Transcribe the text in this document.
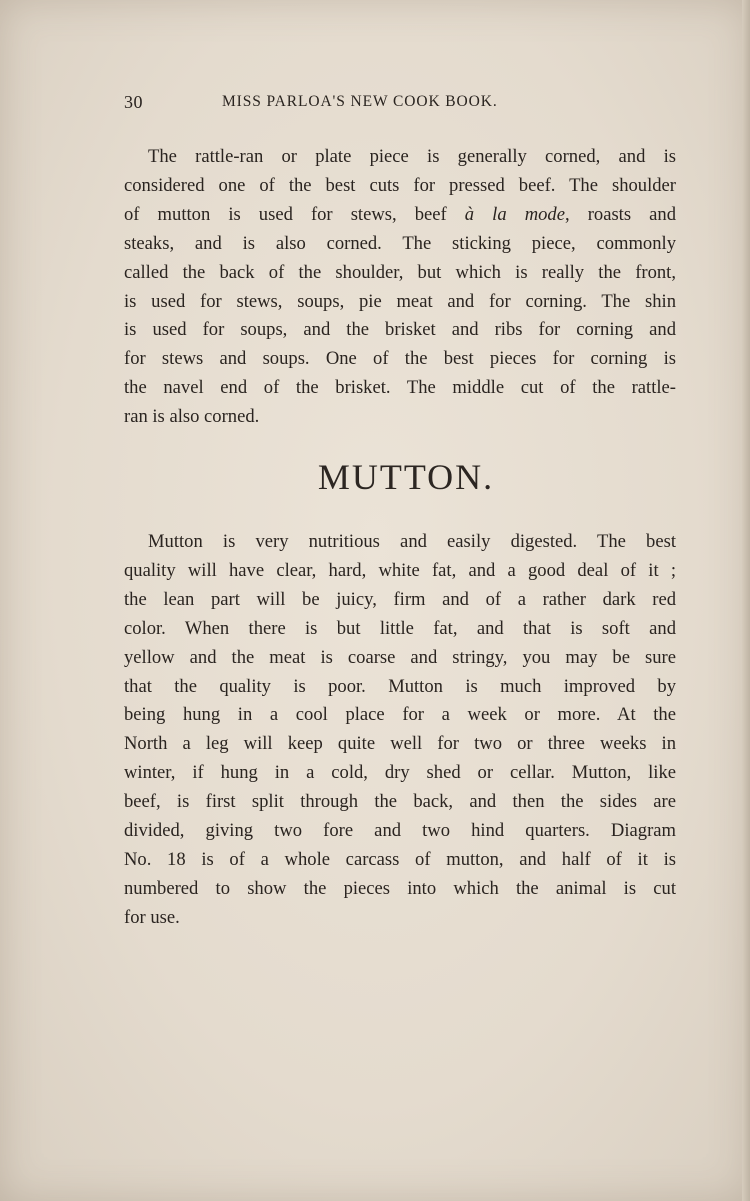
30	MISS PARLOA'S NEW COOK BOOK.

The rattle-ran or plate piece is generally corned, and is
considered one of the best cuts for pressed beef. The shoulder
of mutton is used for stews, beef à la mode, roasts and
steaks, and is also corned. The sticking piece, commonly
called the back of the shoulder, but which is really the front,
is used for stews, soups, pie meat and for corning. The shin
is used for soups, and the brisket and ribs for corning and
for stews and soups. One of the best pieces for corning is
the navel end of the brisket. The middle cut of the rattle-
ran is also corned.

MUTTON.

Mutton is very nutritious and easily digested. The best
quality will have clear, hard, white fat, and a good deal of it ;
the lean part will be juicy, firm and of a rather dark red
color. When there is but little fat, and that is soft and
yellow and the meat is coarse and stringy, you may be sure
that the quality is poor. Mutton is much improved by
being hung in a cool place for a week or more. At the
North a leg will keep quite well for two or three weeks in
winter, if hung in a cold, dry shed or cellar. Mutton, like
beef, is first split through the back, and then the sides are
divided, giving two fore and two hind quarters. Diagram
No. 18 is of a whole carcass of mutton, and half of it is
numbered to show the pieces into which the animal is cut
for use.
